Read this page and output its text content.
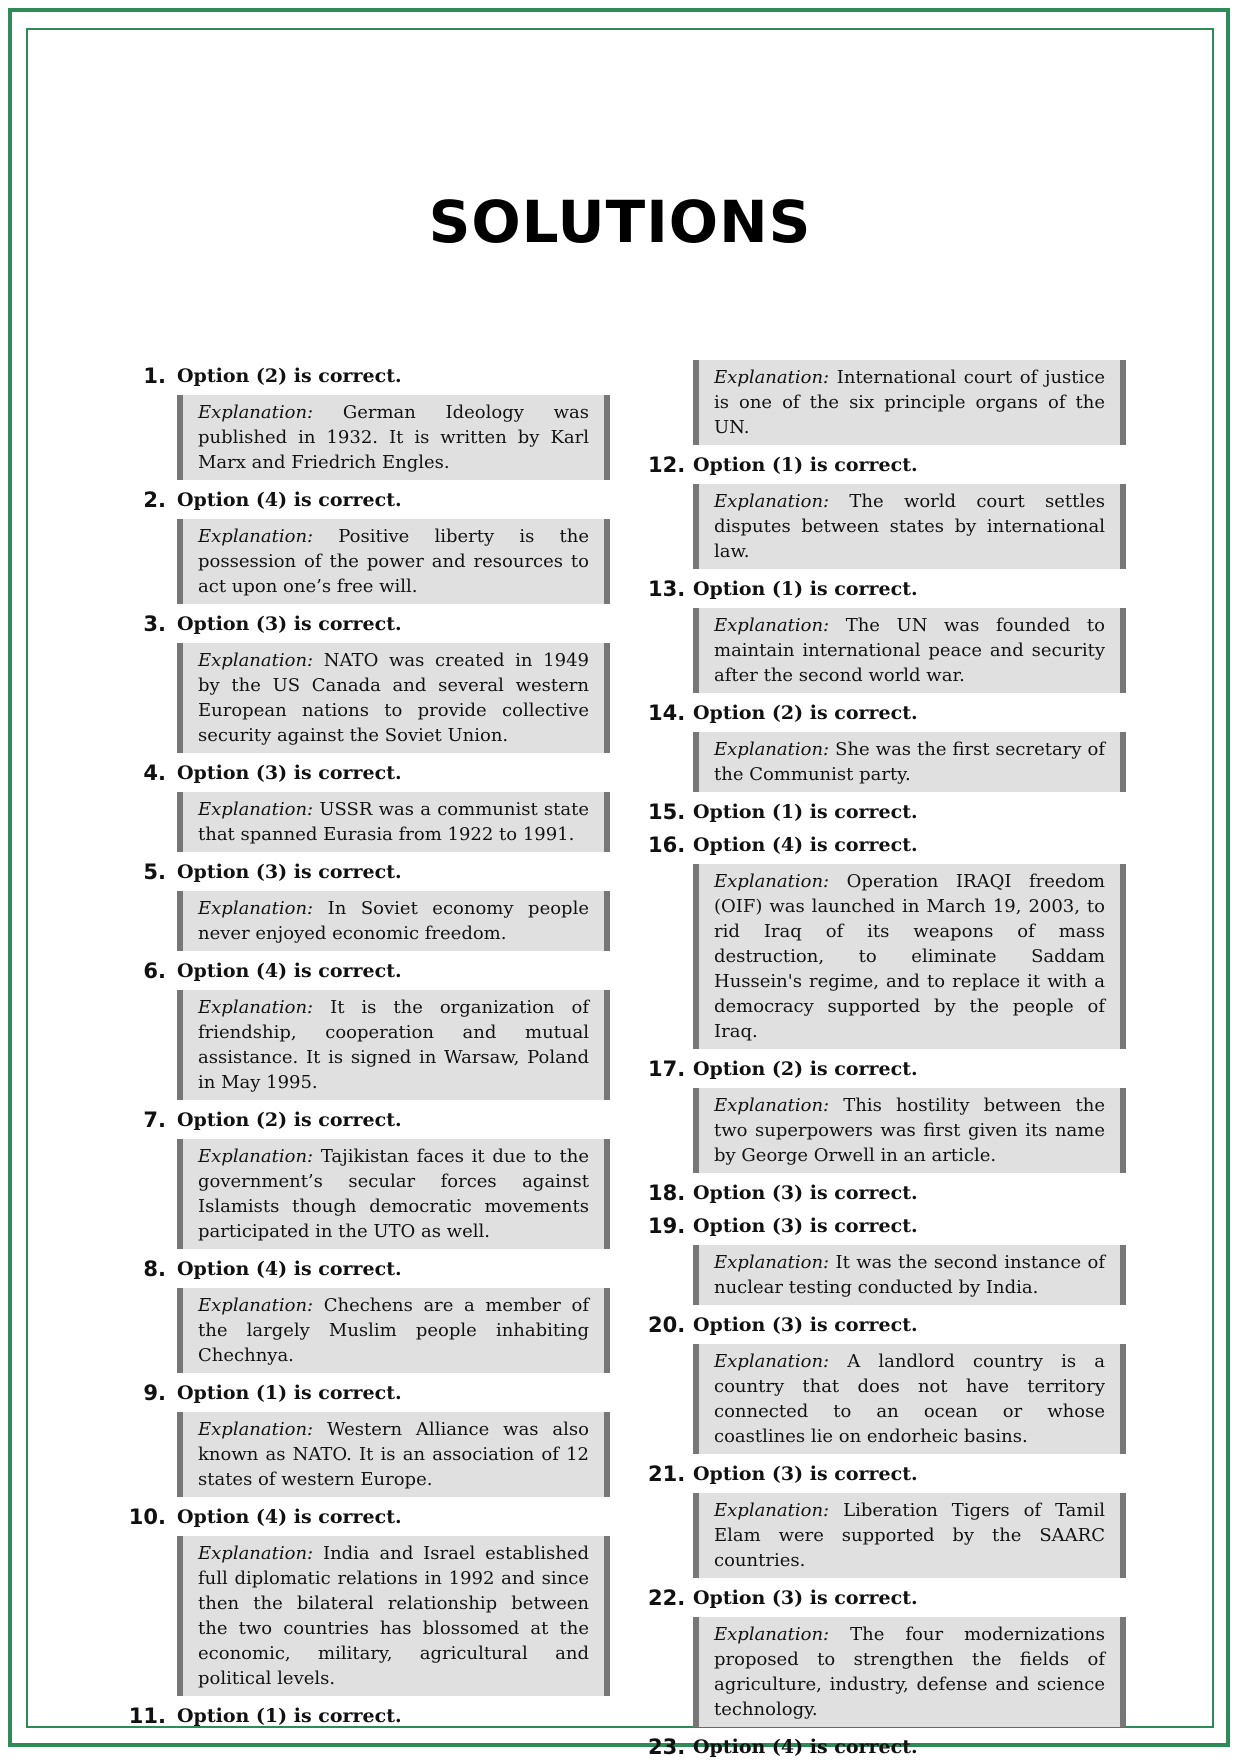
SOLUTIONS
1. Option (2) is correct.
Explanation: German Ideology was published in 1932. It is written by Karl Marx and Friedrich Engles.
2. Option (4) is correct.
Explanation: Positive liberty is the possession of the power and resources to act upon one’s free will.
3. Option (3) is correct.
Explanation: NATO was created in 1949 by the US Canada and several western European nations to provide collective security against the Soviet Union.
4. Option (3) is correct.
Explanation: USSR was a communist state that spanned Eurasia from 1922 to 1991.
5. Option (3) is correct.
Explanation: In Soviet economy people never enjoyed economic freedom.
6. Option (4) is correct.
Explanation: It is the organization of friendship, cooperation and mutual assistance. It is signed in Warsaw, Poland in May 1995.
7. Option (2) is correct.
Explanation: Tajikistan faces it due to the government’s secular forces against Islamists though democratic movements participated in the UTO as well.
8. Option (4) is correct.
Explanation: Chechens are a member of the largely Muslim people inhabiting Chechnya.
9. Option (1) is correct.
Explanation: Western Alliance was also known as NATO. It is an association of 12 states of western Europe.
10. Option (4) is correct.
Explanation: India and Israel established full diplomatic relations in 1992 and since then the bilateral relationship between the two countries has blossomed at the economic, military, agricultural and political levels.
11. Option (1) is correct.
Explanation: International court of justice is one of the six principle organs of the UN.
12. Option (1) is correct.
Explanation: The world court settles disputes between states by international law.
13. Option (1) is correct.
Explanation: The UN was founded to maintain international peace and security after the second world war.
14. Option (2) is correct.
Explanation: She was the first secretary of the Communist party.
15. Option (1) is correct.
16. Option (4) is correct.
Explanation: Operation IRAQI freedom (OIF) was launched in March 19, 2003, to rid Iraq of its weapons of mass destruction, to eliminate Saddam Hussein's regime, and to replace it with a democracy supported by the people of Iraq.
17. Option (2) is correct.
Explanation: This hostility between the two superpowers was first given its name by George Orwell in an article.
18. Option (3) is correct.
19. Option (3) is correct.
Explanation: It was the second instance of nuclear testing conducted by India.
20. Option (3) is correct.
Explanation: A landlord country is a country that does not have territory connected to an ocean or whose coastlines lie on endorheic basins.
21. Option (3) is correct.
Explanation: Liberation Tigers of Tamil Elam were supported by the SAARC countries.
22. Option (3) is correct.
Explanation: The four modernizations proposed to strengthen the fields of agriculture, industry, defense and science technology.
23. Option (4) is correct.
